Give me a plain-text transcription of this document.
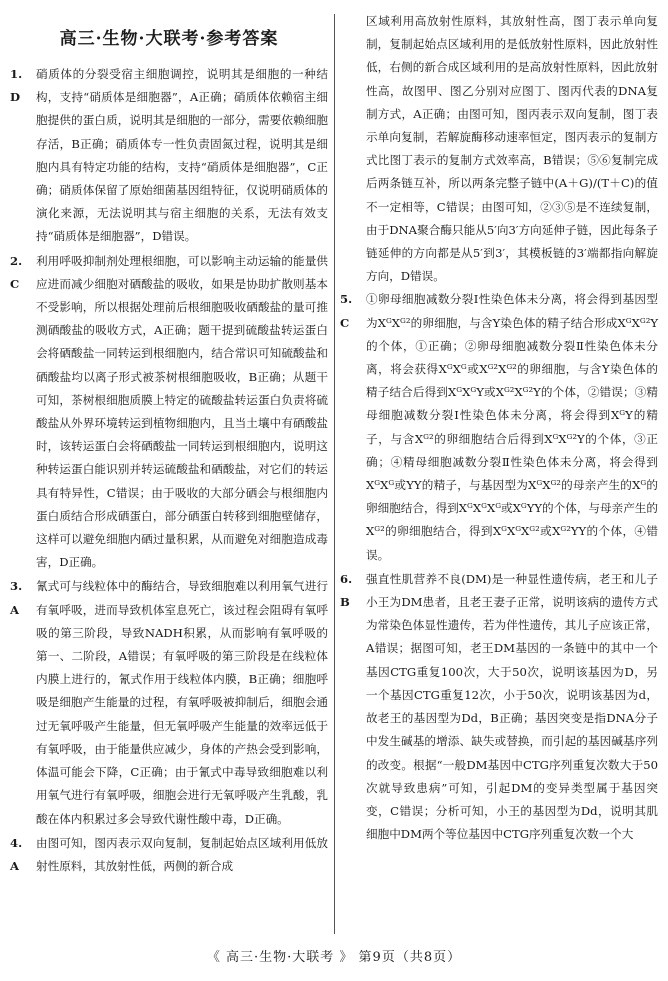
高三·生物·大联考·参考答案
1. D
硝质体的分裂受宿主细胞调控，说明其是细胞的一种结构，支持“硝质体是细胞器”，A正确；硝质体依赖宿主细胞提供的蛋白质，说明其是细胞的一部分，需要依赖细胞存活，B正确；硝质体专一性负责固氮过程，说明其是细胞内具有特定功能的结构，支持“硝质体是细胞器”，C正确；硝质体保留了原始细菌基因组特征，仅说明硝质体的演化来源，无法说明其与宿主细胞的关系，无法有效支持“硝质体是细胞器”，D错误。
2. C
利用呼吸抑制剂处理根细胞，可以影响主动运输的能量供应进而减少细胞对硒酸盐的吸收，如果是协助扩散则基本不受影响，所以根据处理前后根细胞吸收硒酸盐的量可推测硒酸盐的吸收方式，A正确；题干提到硫酸盐转运蛋白会将硒酸盐一同转运到根细胞内，结合常识可知硫酸盐和硒酸盐均以离子形式被茶树根细胞吸收，B正确；从题干可知，茶树根细胞质膜上特定的硫酸盐转运蛋白负责将硫酸盐从外界环境转运到植物细胞内，且当土壤中有硒酸盐时，该转运蛋白会将硒酸盐一同转运到根细胞内，说明这种转运蛋白能识别并转运硫酸盐和硒酸盐，对它们的转运具有特异性，C错误；由于吸收的大部分硒会与根细胞内蛋白质结合形成硒蛋白，部分硒蛋白转移到细胞壁储存，这样可以避免细胞内硒过量积累，从而避免对细胞造成毒害，D正确。
3. A
氰式可与线粒体中的酶结合，导致细胞难以利用氧气进行有氧呼吸，进而导致机体室息死亡，该过程会阻碍有氧呼吸的第三阶段，导致NADH积累，从而影响有氧呼吸的第一、二阶段，A错误；有氧呼吸的第三阶段是在线粒体内膜上进行的，氰式作用于线粒体内膜，B正确；细胞呼吸是细胞产生能量的过程，有氧呼吸被抑制后，细胞会通过无氧呼吸产生能量，但无氧呼吸产生能量的效率远低于有氧呼吸，由于能量供应减少，身体的产热会受到影响，体温可能会下降，C正确；由于氰式中毒导致细胞难以利用氧气进行有氧呼吸，细胞会进行无氧呼吸产生乳酸，乳酸在体内积累过多会导致代谢性酸中毒，D正确。
4. A
由图可知，图丙表示双向复制，复制起始点区域利用低放射性原料，其放射性低，两侧的新合成
区域利用高放射性原料，其放射性高，图丁表示单向复制，复制起始点区域利用的是低放射性原料，因此放射性低，右侧的新合成区域利用的是高放射性原料，因此放射性高，故图甲、图乙分别对应图丁、图丙代表的DNA复制方式，A正确；由图可知，图丙表示双向复制，图丁表示单向复制，若解旋酶移动速率恒定，图丙表示的复制方式比图丁表示的复制方式效率高，B错误；⑤⑥复制完成后两条链互补，所以两条完整子链中(A＋G)/(T＋C)的值不一定相等，C错误；由图可知，②③⑤是不连续复制，由于DNA聚合酶只能从5′向3′方向延伸子链，因此每条子链延伸的方向都是从5′到3′，其模板链的3′端都指向解旋方向，D错误。
5. C
①卵母细胞减数分裂Ⅰ性染色体未分离，将会得到基因型为XᴳXᴳ²的卵细胞，与含Y染色体的精子结合形成XᴳXᴳ²Y的个体，①正确；②卵母细胞减数分裂Ⅱ性染色体未分离，将会获得XᴳXᴳ或Xᴳ²Xᴳ²的卵细胞，与含Y染色体的精子结合后得到XᴳXᴳY或Xᴳ²Xᴳ²Y的个体，②错误；③精母细胞减数分裂Ⅰ性染色体未分离，将会得到XᴳY的精子，与含Xᴳ²的卵细胞结合后得到XᴳXᴳ²Y的个体，③正确；④精母细胞减数分裂Ⅱ性染色体未分离，将会得到XᴳXᴳ或YY的精子，与基因型为XᴳXᴳ²的母亲产生的Xᴳ的卵细胞结合，得到XᴳXᴳXᴳ或XᴳYY的个体，与母亲产生的Xᴳ²的卵细胞结合，得到XᴳXᴳXᴳ²或Xᴳ²YY的个体，④错误。
6. B
强直性肌营养不良(DM)是一种显性遗传病，老王和儿子小王为DM患者，且老王妻子正常，说明该病的遗传方式为常染色体显性遗传，若为伴性遗传，其儿子应该正常，A错误；据图可知，老王DM基因的一条链中的其中一个基因CTG重复100次，大于50次，说明该基因为D，另一个基因CTG重复12次，小于50次，说明该基因为d，故老王的基因型为Dd，B正确；基因突变是指DNA分子中发生碱基的增添、缺失或替换，而引起的基因碱基序列的改变。根据“一般DM基因中CTG序列重复次数大于50次就导致患病”可知，引起DM的变异类型属于基因突变，C错误；分析可知，小王的基因型为Dd，说明其肌细胞中DM两个等位基因中CTG序列重复次数一个大
《 高三·生物·大联考 》 第9页（共8页）
